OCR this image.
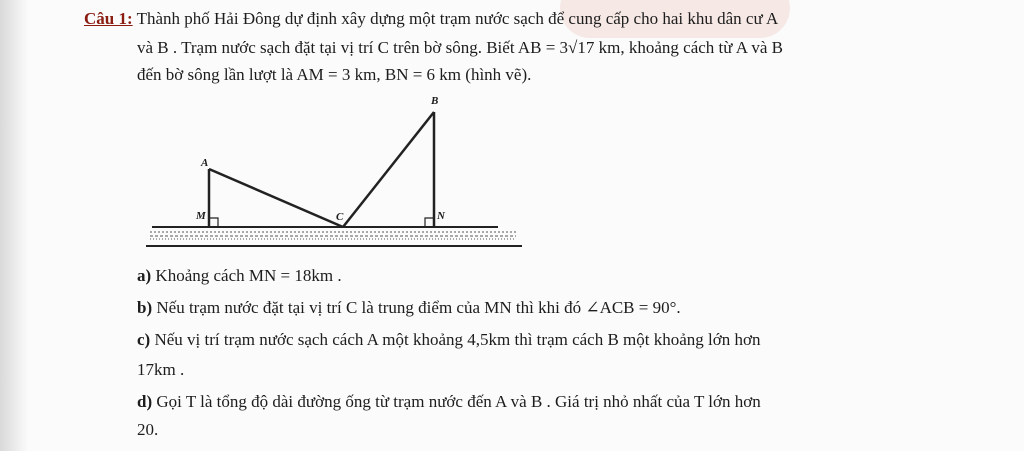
Câu 1: Thành phố Hải Đông dự định xây dựng một trạm nước sạch để cung cấp cho hai khu dân cư A
và B . Trạm nước sạch đặt tại vị trí C trên bờ sông. Biết AB = 3√17 km, khoảng cách từ A và B
đến bờ sông lần lượt là AM = 3 km, BN = 6 km (hình vẽ).
B
A
M	C	N
a) Khoảng cách MN = 18km .
b) Nếu trạm nước đặt tại vị trí C là trung điểm của MN thì khi đó ∠ACB = 90°.
c) Nếu vị trí trạm nước sạch cách A một khoảng 4,5km thì trạm cách B một khoảng lớn hơn
17km .
d) Gọi T là tổng độ dài đường ống từ trạm nước đến A và B . Giá trị nhỏ nhất của T lớn hơn
20.
